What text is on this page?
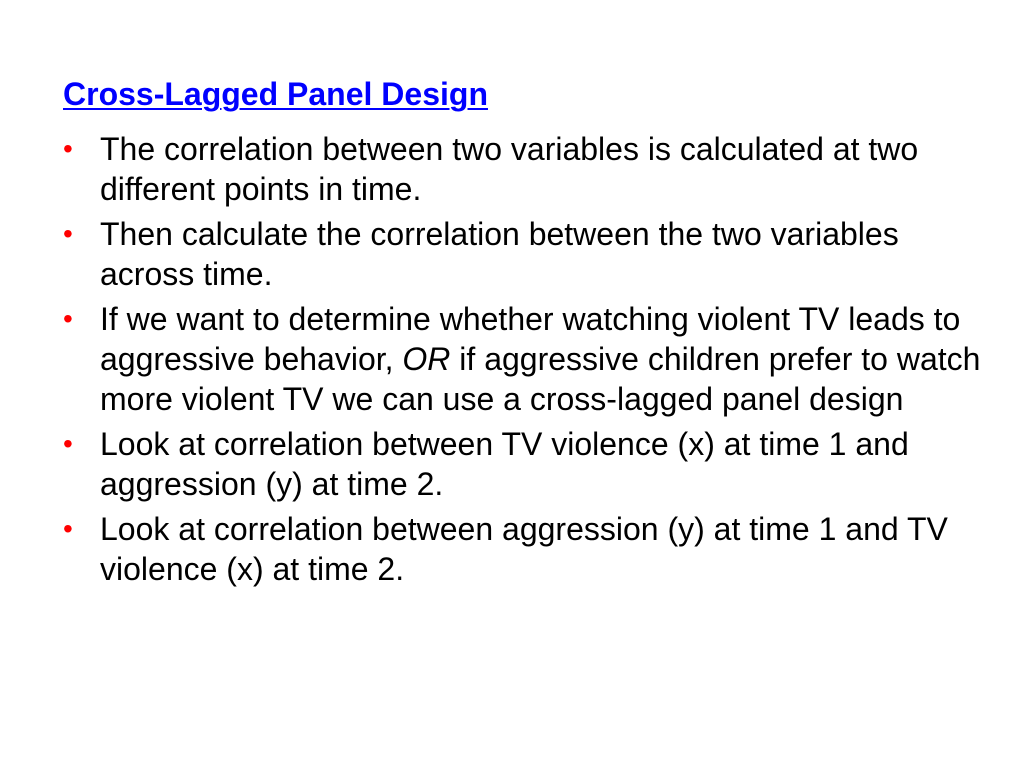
Cross-Lagged Panel Design
• The correlation between two variables is calculated at two different points in time.
• Then calculate the correlation between the two variables across time.
• If we want to determine whether watching violent TV leads to aggressive behavior, OR if aggressive children prefer to watch more violent TV we can use a cross-lagged panel design
• Look at correlation between TV violence (x) at time 1 and aggression (y) at time 2.
• Look at correlation between aggression (y) at time 1 and TV violence (x) at time 2.
